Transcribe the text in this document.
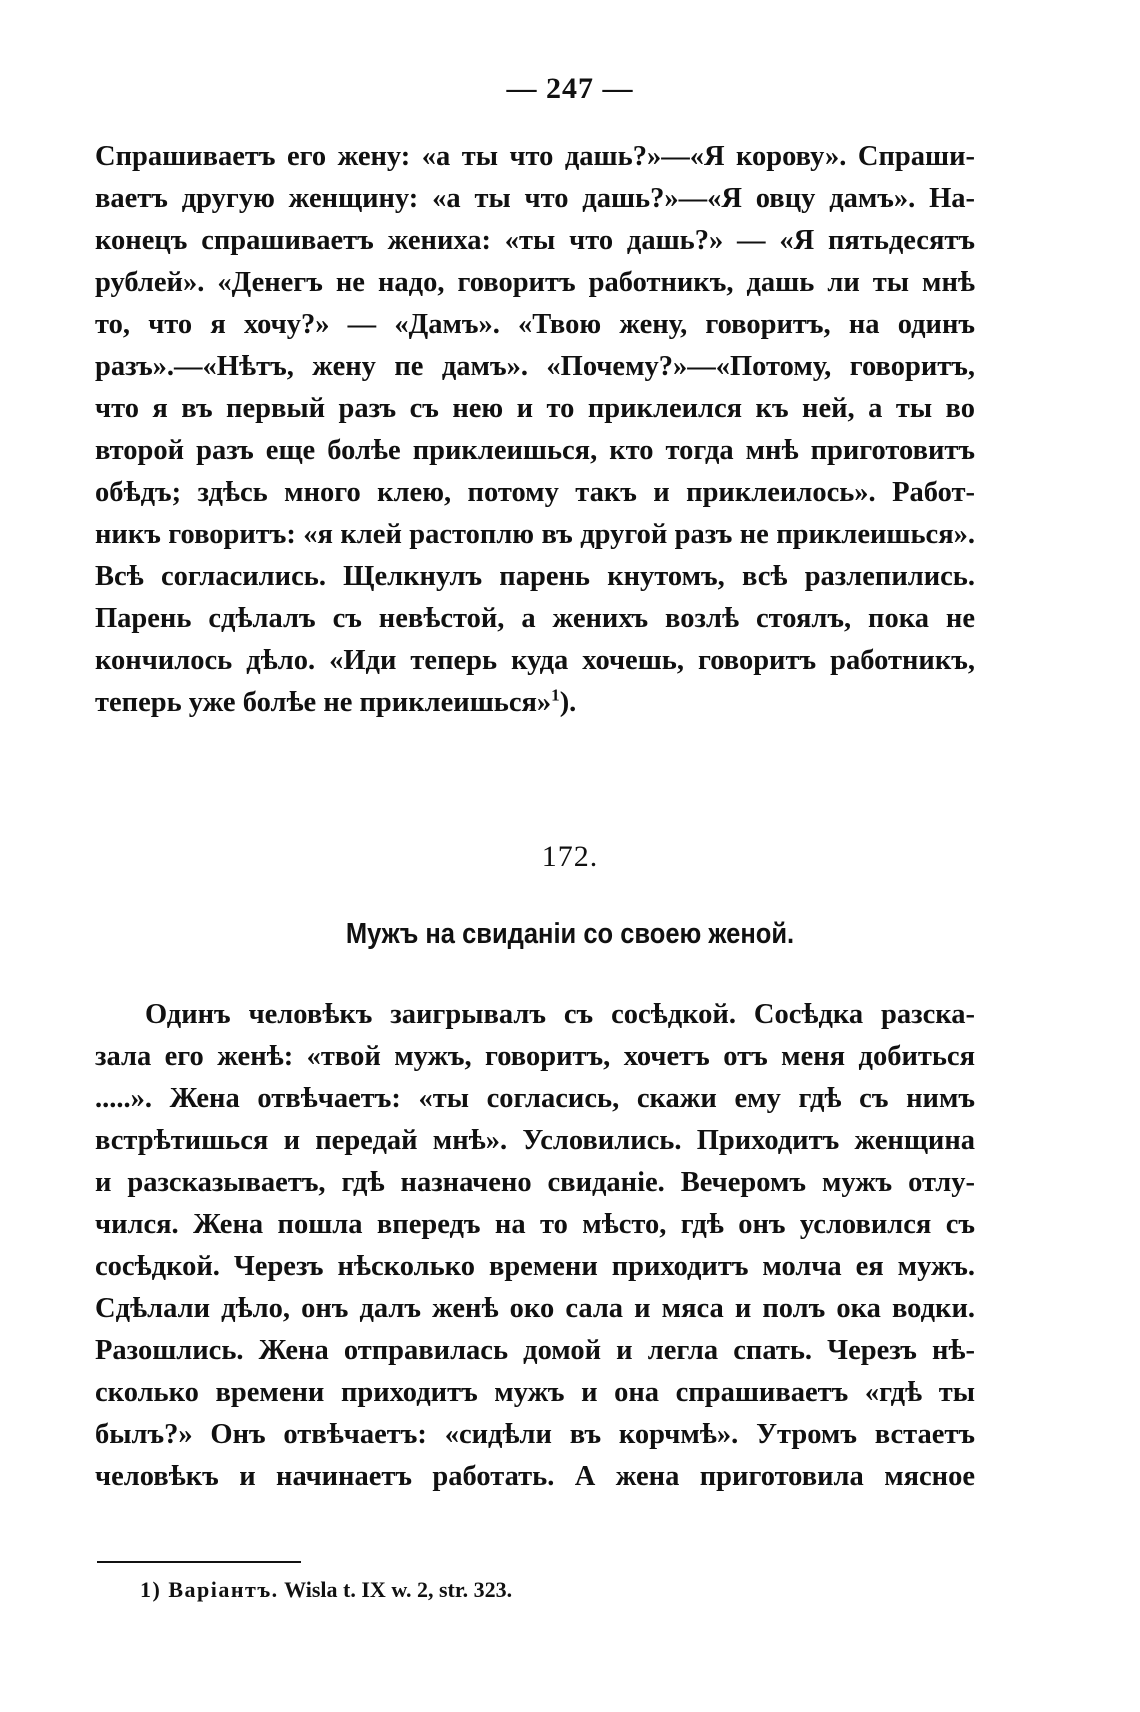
— 247 —
Спрашиваетъ его жену: «а ты что дашь?»—«Я корову». Спраши-
ваетъ другую женщину: «а ты что дашь?»—«Я овцу дамъ». На-
конецъ спрашиваетъ жениха: «ты что дашь?» — «Я пятьдесятъ
рублей». «Денегъ не надо, говоритъ работникъ, дашь ли ты мнѣ
то, что я хочу?» — «Дамъ». «Твою жену, говоритъ, на одинъ
разъ».—«Нѣтъ, жену пе дамъ». «Почему?»—«Потому, говоритъ,
что я въ первый разъ съ нею и то приклеился къ ней, а ты во
второй разъ еще болѣе приклеишься, кто тогда мнѣ приготовитъ
обѣдъ; здѣсь много клею, потому такъ и приклеилось». Работ-
никъ говоритъ: «я клей растоплю въ другой разъ не приклеишься».
Всѣ согласились. Щелкнулъ парень кнутомъ, всѣ разлепились.
Парень сдѣлалъ съ невѣстой, а женихъ возлѣ стоялъ, пока не
кончилось дѣло. «Иди теперь куда хочешь, говоритъ работникъ,
теперь уже болѣе не приклеишься»$^1$).
172.
Мужъ на свиданіи со своею женой.
Одинъ человѣкъ заигрывалъ съ сосѣдкой. Сосѣдка разска-
зала его женѣ: «твой мужъ, говоритъ, хочетъ отъ меня добиться
.....». Жена отвѣчаетъ: «ты согласись, скажи ему гдѣ съ нимъ
встрѣтишься и передай мнѣ». Условились. Приходитъ женщина
и разсказываетъ, гдѣ назначено свиданіе. Вечеромъ мужъ отлу-
чился. Жена пошла впередъ на то мѣсто, гдѣ онъ условился съ
сосѣдкой. Черезъ нѣсколько времени приходитъ молча ея мужъ.
Сдѣлали дѣло, онъ далъ женѣ око сала и мяса и полъ ока водки.
Разошлись. Жена отправилась домой и легла спать. Черезъ нѣ-
сколько времени приходитъ мужъ и она спрашиваетъ «гдѣ ты
былъ?» Онъ отвѣчаетъ: «сидѣли въ корчмѣ». Утромъ встаетъ
человѣкъ и начинаетъ работать. А жена приготовила мясное
1) Варіантъ. Wisla t. IX w. 2, str. 323.
